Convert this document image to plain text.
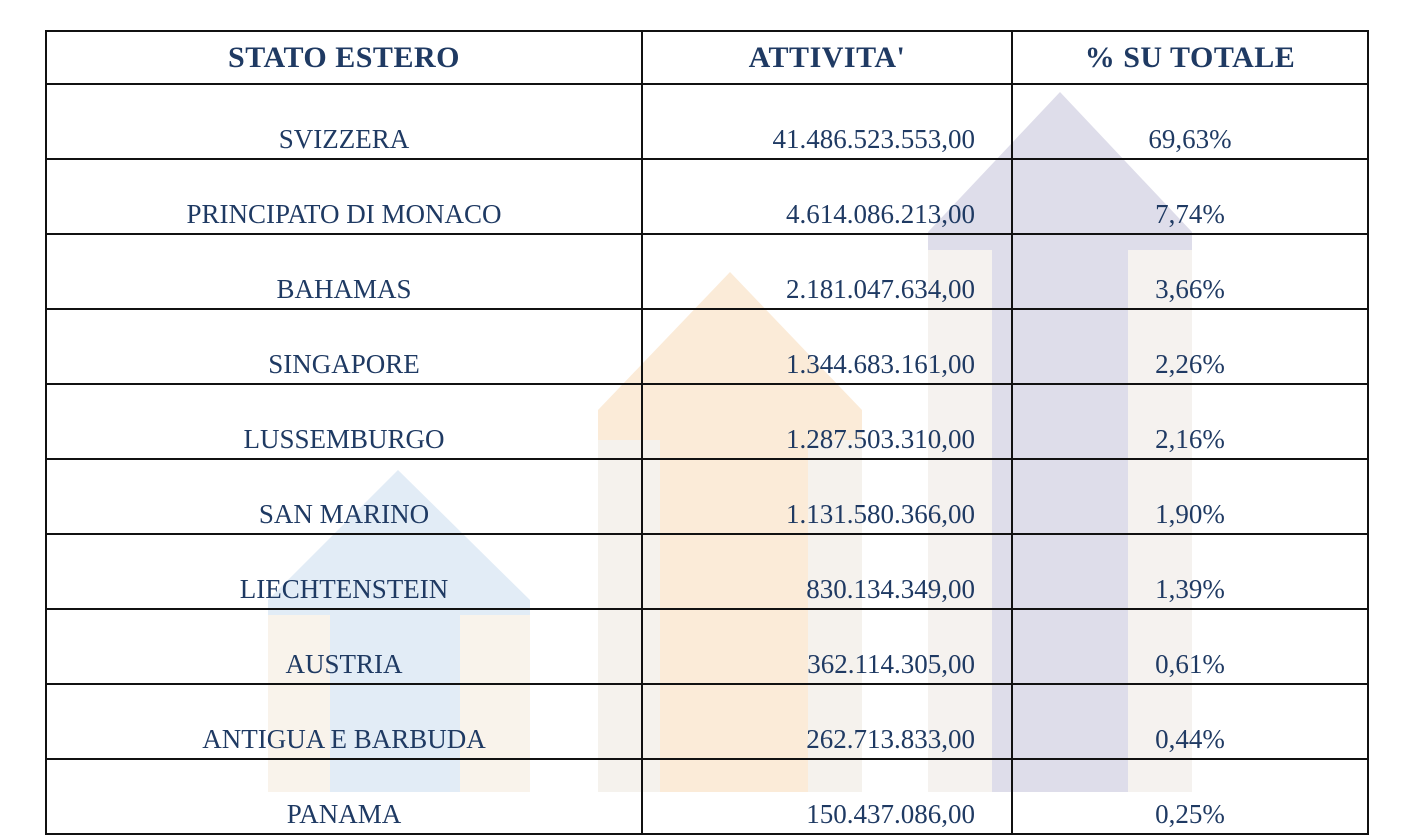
STATO ESTERO	ATTIVITA'	% SU TOTALE
SVIZZERA	41.486.523.553,00	69,63%
PRINCIPATO DI MONACO	4.614.086.213,00	7,74%
BAHAMAS	2.181.047.634,00	3,66%
SINGAPORE	1.344.683.161,00	2,26%
LUSSEMBURGO	1.287.503.310,00	2,16%
SAN MARINO	1.131.580.366,00	1,90%
LIECHTENSTEIN	830.134.349,00	1,39%
AUSTRIA	362.114.305,00	0,61%
ANTIGUA E BARBUDA	262.713.833,00	0,44%
PANAMA	150.437.086,00	0,25%
